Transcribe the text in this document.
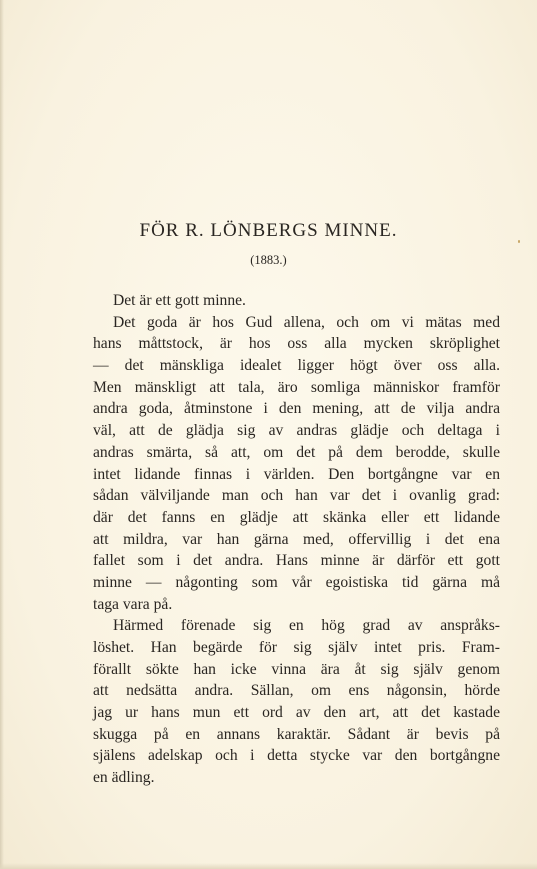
FÖR R. LÖNBERGS MINNE.
(1883.)
Det är ett gott minne.
Det goda är hos Gud allena, och om vi mätas med
hans måttstock, är hos oss alla mycken skröplighet
— det mänskliga idealet ligger högt över oss alla.
Men mänskligt att tala, äro somliga människor framför
andra goda, åtminstone i den mening, att de vilja andra
väl, att de glädja sig av andras glädje och deltaga i
andras smärta, så att, om det på dem berodde, skulle
intet lidande finnas i världen. Den bortgångne var en
sådan välviljande man och han var det i ovanlig grad:
där det fanns en glädje att skänka eller ett lidande
att mildra, var han gärna med, offervillig i det ena
fallet som i det andra. Hans minne är därför ett gott
minne — någonting som vår egoistiska tid gärna må
taga vara på.
Härmed förenade sig en hög grad av anspråks-
löshet. Han begärde för sig själv intet pris. Fram-
förallt sökte han icke vinna ära åt sig själv genom
att nedsätta andra. Sällan, om ens någonsin, hörde
jag ur hans mun ett ord av den art, att det kastade
skugga på en annans karaktär. Sådant är bevis på
själens adelskap och i detta stycke var den bortgångne
en ädling.
